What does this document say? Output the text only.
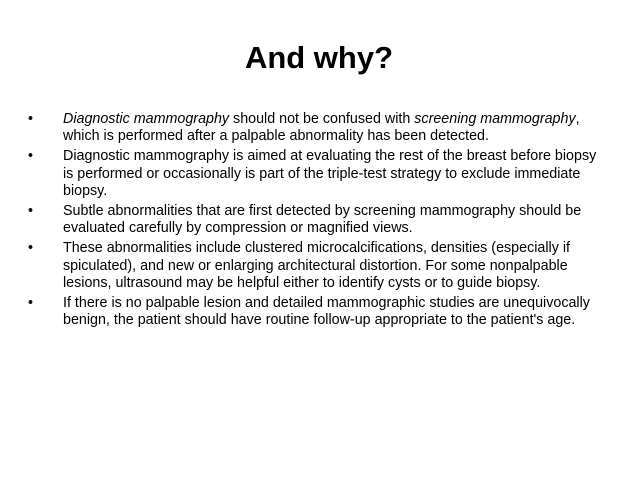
And why?
•	Diagnostic mammography should not be confused with screening mammography, which is performed after a palpable abnormality has been detected.
•	Diagnostic mammography is aimed at evaluating the rest of the breast before biopsy is performed or occasionally is part of the triple-test strategy to exclude immediate biopsy.
•	Subtle abnormalities that are first detected by screening mammography should be evaluated carefully by compression or magnified views.
•	These abnormalities include clustered microcalcifications, densities (especially if spiculated), and new or enlarging architectural distortion. For some nonpalpable lesions, ultrasound may be helpful either to identify cysts or to guide biopsy.
•	If there is no palpable lesion and detailed mammographic studies are unequivocally benign, the patient should have routine follow-up appropriate to the patient's age.
